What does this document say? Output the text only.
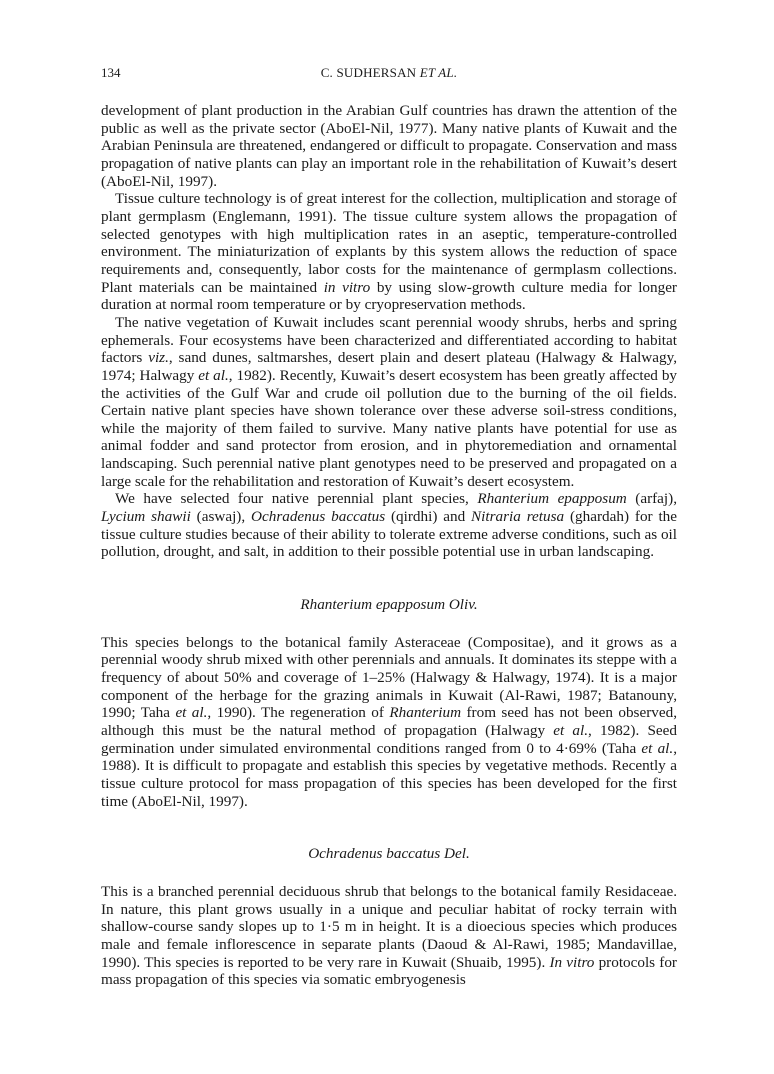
134	C. SUDHERSAN ET AL.

development of plant production in the Arabian Gulf countries has drawn the attention of the public as well as the private sector (AboEl-Nil, 1977). Many native plants of Kuwait and the Arabian Peninsula are threatened, endangered or difficult to propagate. Conservation and mass propagation of native plants can play an important role in the rehabilitation of Kuwait’s desert (AboEl-Nil, 1997).

Tissue culture technology is of great interest for the collection, multiplication and storage of plant germplasm (Englemann, 1991). The tissue culture system allows the propagation of selected genotypes with high multiplication rates in an aseptic, temperature-controlled environment. The miniaturization of explants by this system allows the reduction of space requirements and, consequently, labor costs for the maintenance of germplasm collections. Plant materials can be maintained in vitro by using slow-growth culture media for longer duration at normal room temperature or by cryopreservation methods.

The native vegetation of Kuwait includes scant perennial woody shrubs, herbs and spring ephemerals. Four ecosystems have been characterized and differentiated according to habitat factors viz., sand dunes, saltmarshes, desert plain and desert plateau (Halwagy & Halwagy, 1974; Halwagy et al., 1982). Recently, Kuwait’s desert ecosystem has been greatly affected by the activities of the Gulf War and crude oil pollution due to the burning of the oil fields. Certain native plant species have shown tolerance over these adverse soil-stress conditions, while the majority of them failed to survive. Many native plants have potential for use as animal fodder and sand protector from erosion, and in phytoremediation and ornamental landscaping. Such perennial native plant genotypes need to be preserved and propagated on a large scale for the rehabilitation and restoration of Kuwait’s desert ecosystem.

We have selected four native perennial plant species, Rhanterium epapposum (arfaj), Lycium shawii (aswaj), Ochradenus baccatus (qirdhi) and Nitraria retusa (ghardah) for the tissue culture studies because of their ability to tolerate extreme adverse conditions, such as oil pollution, drought, and salt, in addition to their possible potential use in urban landscaping.

Rhanterium epapposum Oliv.

This species belongs to the botanical family Asteraceae (Compositae), and it grows as a perennial woody shrub mixed with other perennials and annuals. It dominates its steppe with a frequency of about 50% and coverage of 1–25% (Halwagy & Halwagy, 1974). It is a major component of the herbage for the grazing animals in Kuwait (Al-Rawi, 1987; Batanouny, 1990; Taha et al., 1990). The regeneration of Rhanterium from seed has not been observed, although this must be the natural method of propagation (Halwagy et al., 1982). Seed germination under simulated environmental conditions ranged from 0 to 4·69% (Taha et al., 1988). It is difficult to propagate and establish this species by vegetative methods. Recently a tissue culture protocol for mass propagation of this species has been developed for the first time (AboEl-Nil, 1997).

Ochradenus baccatus Del.

This is a branched perennial deciduous shrub that belongs to the botanical family Residaceae. In nature, this plant grows usually in a unique and peculiar habitat of rocky terrain with shallow-course sandy slopes up to 1·5 m in height. It is a dioecious species which produces male and female inflorescence in separate plants (Daoud & Al-Rawi, 1985; Mandavillae, 1990). This species is reported to be very rare in Kuwait (Shuaib, 1995). In vitro protocols for mass propagation of this species via somatic embryogenesis
